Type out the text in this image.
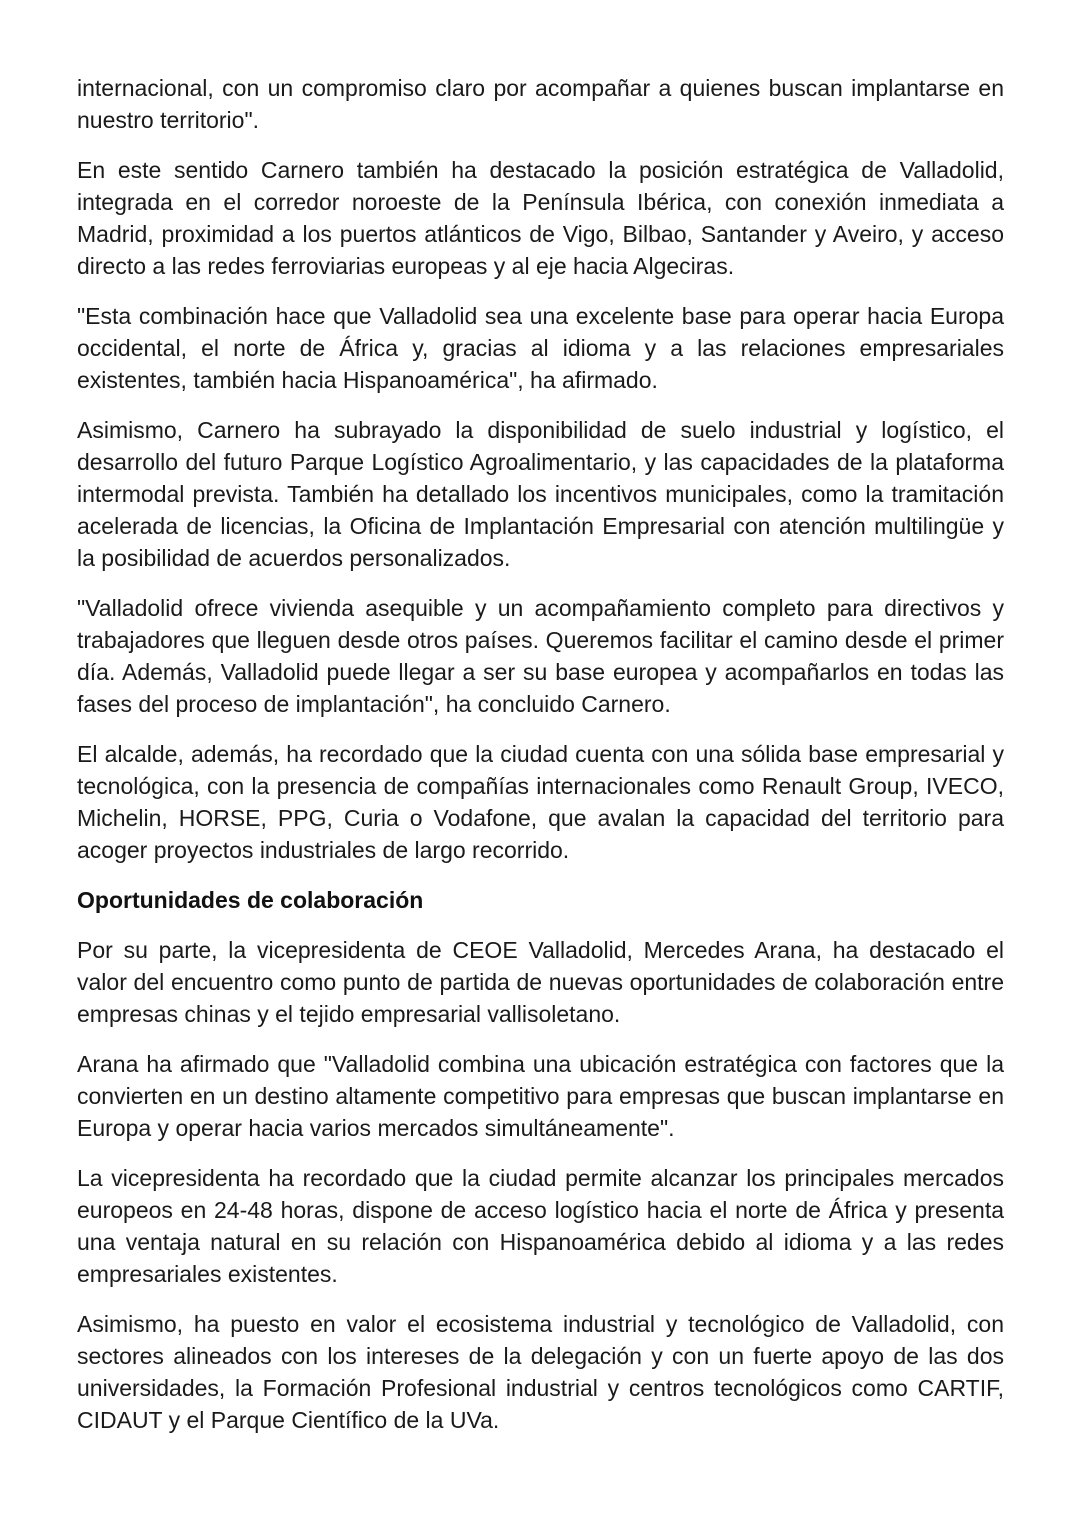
internacional, con un compromiso claro por acompañar a quienes buscan implantarse en nuestro territorio".

En este sentido Carnero también ha destacado la posición estratégica de Valladolid, integrada en el corredor noroeste de la Península Ibérica, con conexión inmediata a Madrid, proximidad a los puertos atlánticos de Vigo, Bilbao, Santander y Aveiro, y acceso directo a las redes ferroviarias europeas y al eje hacia Algeciras.

"Esta combinación hace que Valladolid sea una excelente base para operar hacia Europa occidental, el norte de África y, gracias al idioma y a las relaciones empresariales existentes, también hacia Hispanoamérica", ha afirmado.

Asimismo, Carnero ha subrayado la disponibilidad de suelo industrial y logístico, el desarrollo del futuro Parque Logístico Agroalimentario, y las capacidades de la plataforma intermodal prevista. También ha detallado los incentivos municipales, como la tramitación acelerada de licencias, la Oficina de Implantación Empresarial con atención multilingüe y la posibilidad de acuerdos personalizados.

"Valladolid ofrece vivienda asequible y un acompañamiento completo para directivos y trabajadores que lleguen desde otros países. Queremos facilitar el camino desde el primer día. Además, Valladolid puede llegar a ser su base europea y acompañarlos en todas las fases del proceso de implantación", ha concluido Carnero.

El alcalde, además, ha recordado que la ciudad cuenta con una sólida base empresarial y tecnológica, con la presencia de compañías internacionales como Renault Group, IVECO, Michelin, HORSE, PPG, Curia o Vodafone, que avalan la capacidad del territorio para acoger proyectos industriales de largo recorrido.

Oportunidades de colaboración

Por su parte, la vicepresidenta de CEOE Valladolid, Mercedes Arana, ha destacado el valor del encuentro como punto de partida de nuevas oportunidades de colaboración entre empresas chinas y el tejido empresarial vallisoletano.

Arana ha afirmado que "Valladolid combina una ubicación estratégica con factores que la convierten en un destino altamente competitivo para empresas que buscan implantarse en Europa y operar hacia varios mercados simultáneamente".

La vicepresidenta ha recordado que la ciudad permite alcanzar los principales mercados europeos en 24-48 horas, dispone de acceso logístico hacia el norte de África y presenta una ventaja natural en su relación con Hispanoamérica debido al idioma y a las redes empresariales existentes.

Asimismo, ha puesto en valor el ecosistema industrial y tecnológico de Valladolid, con sectores alineados con los intereses de la delegación y con un fuerte apoyo de las dos universidades, la Formación Profesional industrial y centros tecnológicos como CARTIF, CIDAUT y el Parque Científico de la UVa.
